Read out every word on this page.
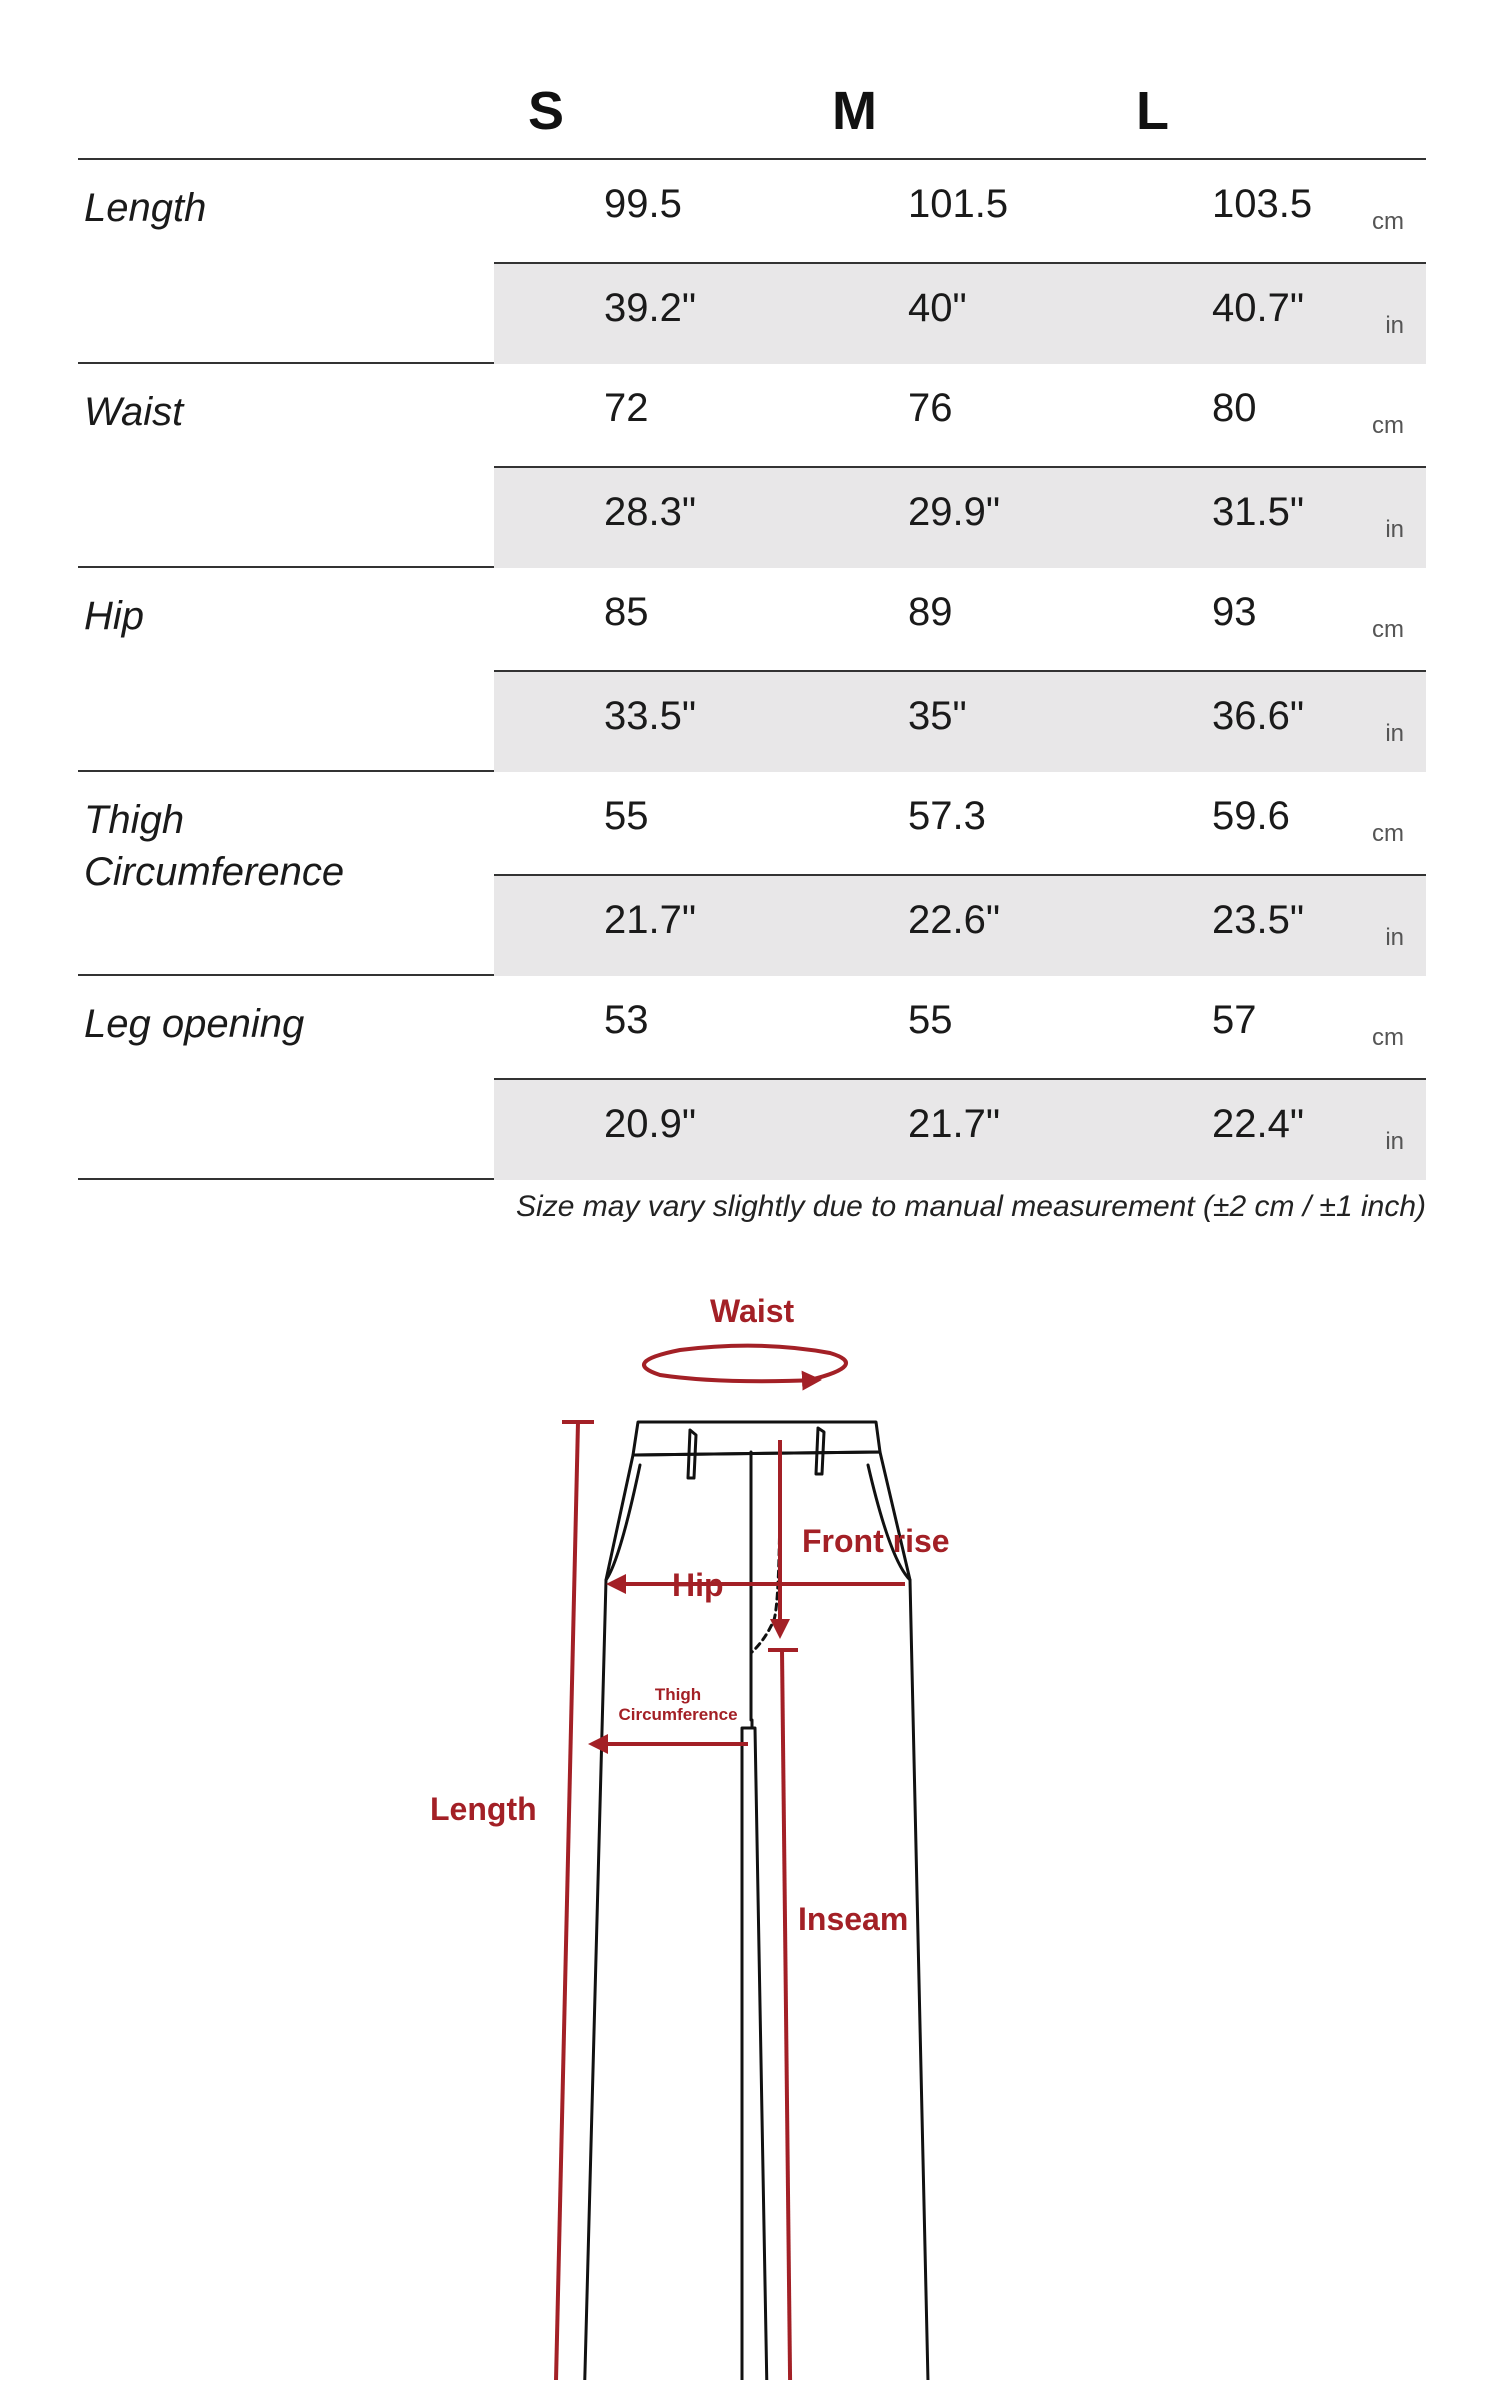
S	M	L
Length	99.5	101.5	103.5 cm
39.2"	40"	40.7"	in
Waist	72	76	80	cm
28.3"	29.9"	31.5"	in
Hip	85	89	93	cm
33.5"	35"	36.6"	in
Thigh
Circumference
55	57.3	59.6	cm
21.7"	22.6"	23.5"	in
Leg opening	53	55	57	cm
20.9"	21.7"	22.4"	in
Size may vary slightly due to manual measurement (±2 cm / ±1 inch)
Waist
Front rise
Hip
Thigh
Circumference
Length
Inseam
